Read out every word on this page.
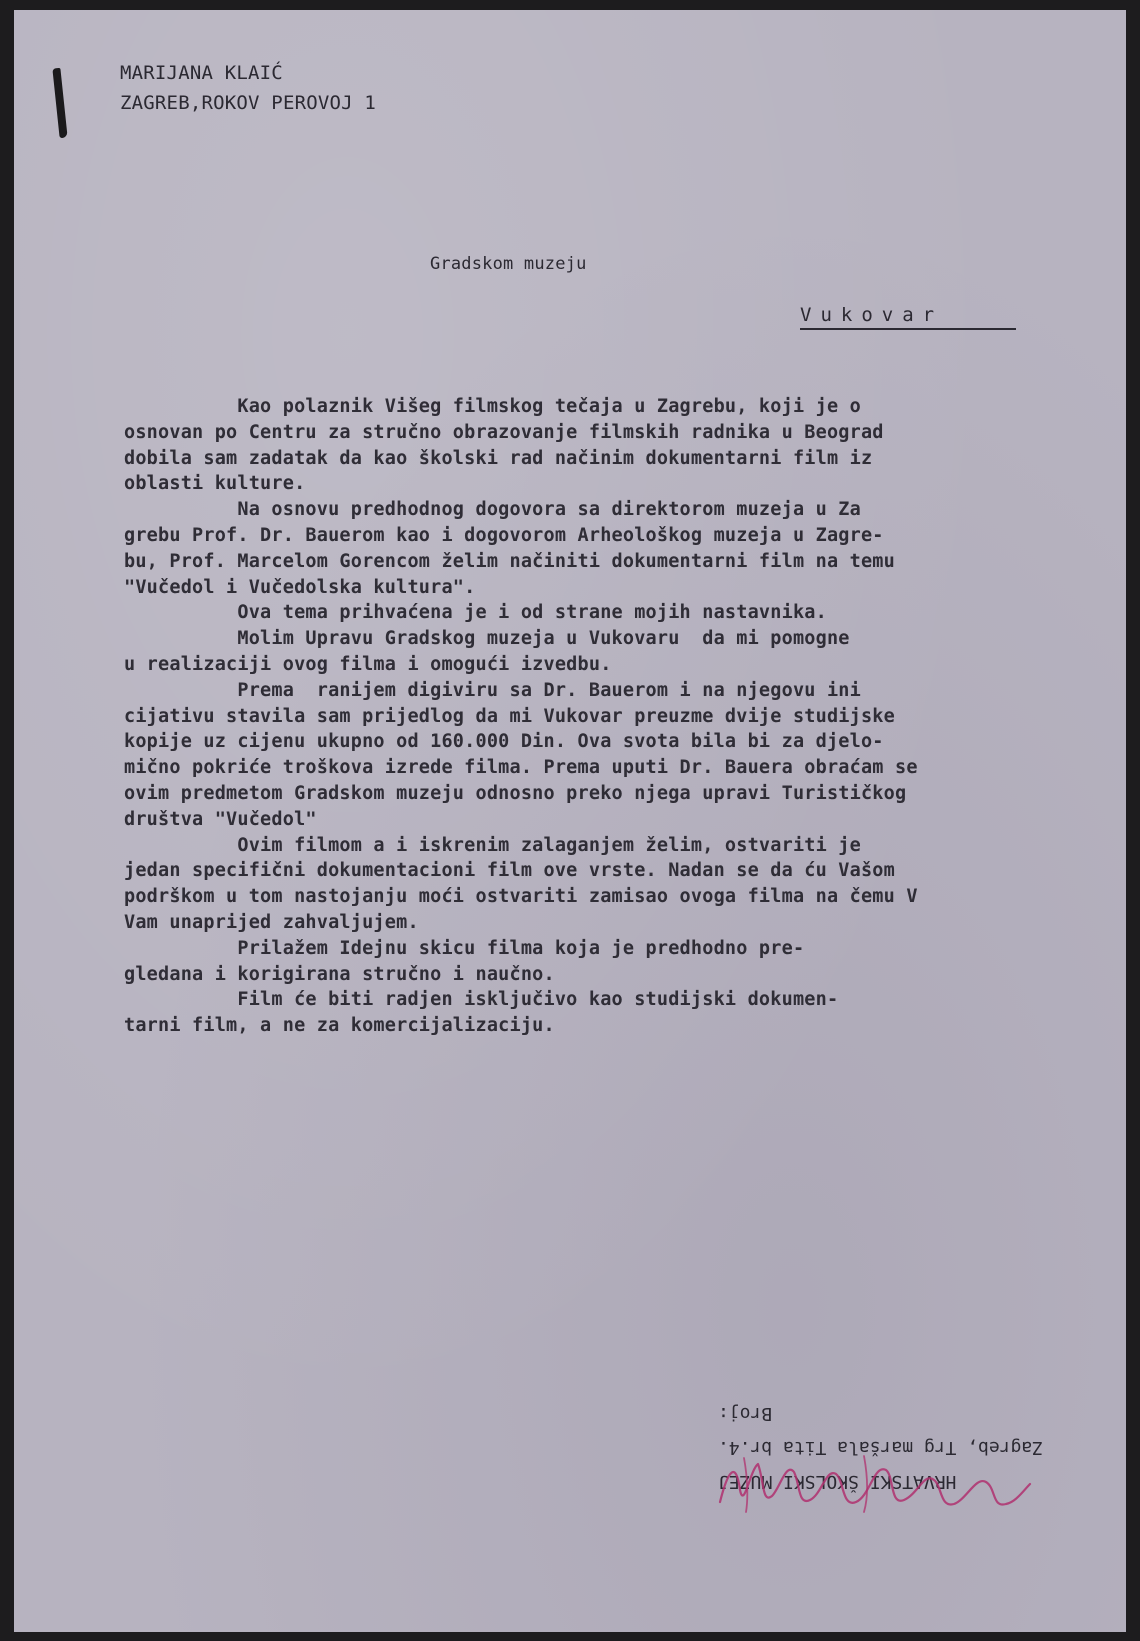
MARIJANA KLAIĆ
ZAGREB,ROKOV PEROVOJ 1
Gradskom muzeju
Vukovar
Kao polaznik Višeg filmskog tečaja u Zagrebu, koji je o
osnovan po Centru za stručno obrazovanje filmskih radnika u Beograd
dobila sam zadatak da kao školski rad načinim dokumentarni film iz
oblasti kulture.
Na osnovu predhodnog dogovora sa direktorom muzeja u Za
grebu Prof. Dr. Bauerom kao i dogovorom Arheološkog muzeja u Zagre-
bu, Prof. Marcelom Gorencom želim načiniti dokumentarni film na temu
"Vučedol i Vučedolska kultura".
Ova tema prihvaćena je i od strane mojih nastavnika.
Molim Upravu Gradskog muzeja u Vukovaru  da mi pomogne
u realizaciji ovog filma i omogući izvedbu.
Prema  ranijem digiviru sa Dr. Bauerom i na njegovu ini
cijativu stavila sam prijedlog da mi Vukovar preuzme dvije studijske
kopije uz cijenu ukupno od 160.000 Din. Ova svota bila bi za djelo-
mično pokriće troškova izrede filma. Prema uputi Dr. Bauera obraćam se
ovim predmetom Gradskom muzeju odnosno preko njega upravi Turističkog
društva "Vučedol"
Ovim filmom a i iskrenim zalaganjem želim, ostvariti je
jedan specifični dokumentacioni film ove vrste. Nadan se da ću Vašom
podrškom u tom nastojanju moći ostvariti zamisao ovoga filma na čemu V
Vam unaprijed zahvaljujem.
Prilažem Idejnu skicu filma koja je predhodno pre-
gledana i korigirana stručno i naučno.
Film će biti radjen isključivo kao studijski dokumen-
tarni film, a ne za komercijalizaciju.
HRVATSKI ŠKOLSKI MUZEJ
Zagreb, Trg maršala Tita br.4.
Broj:
